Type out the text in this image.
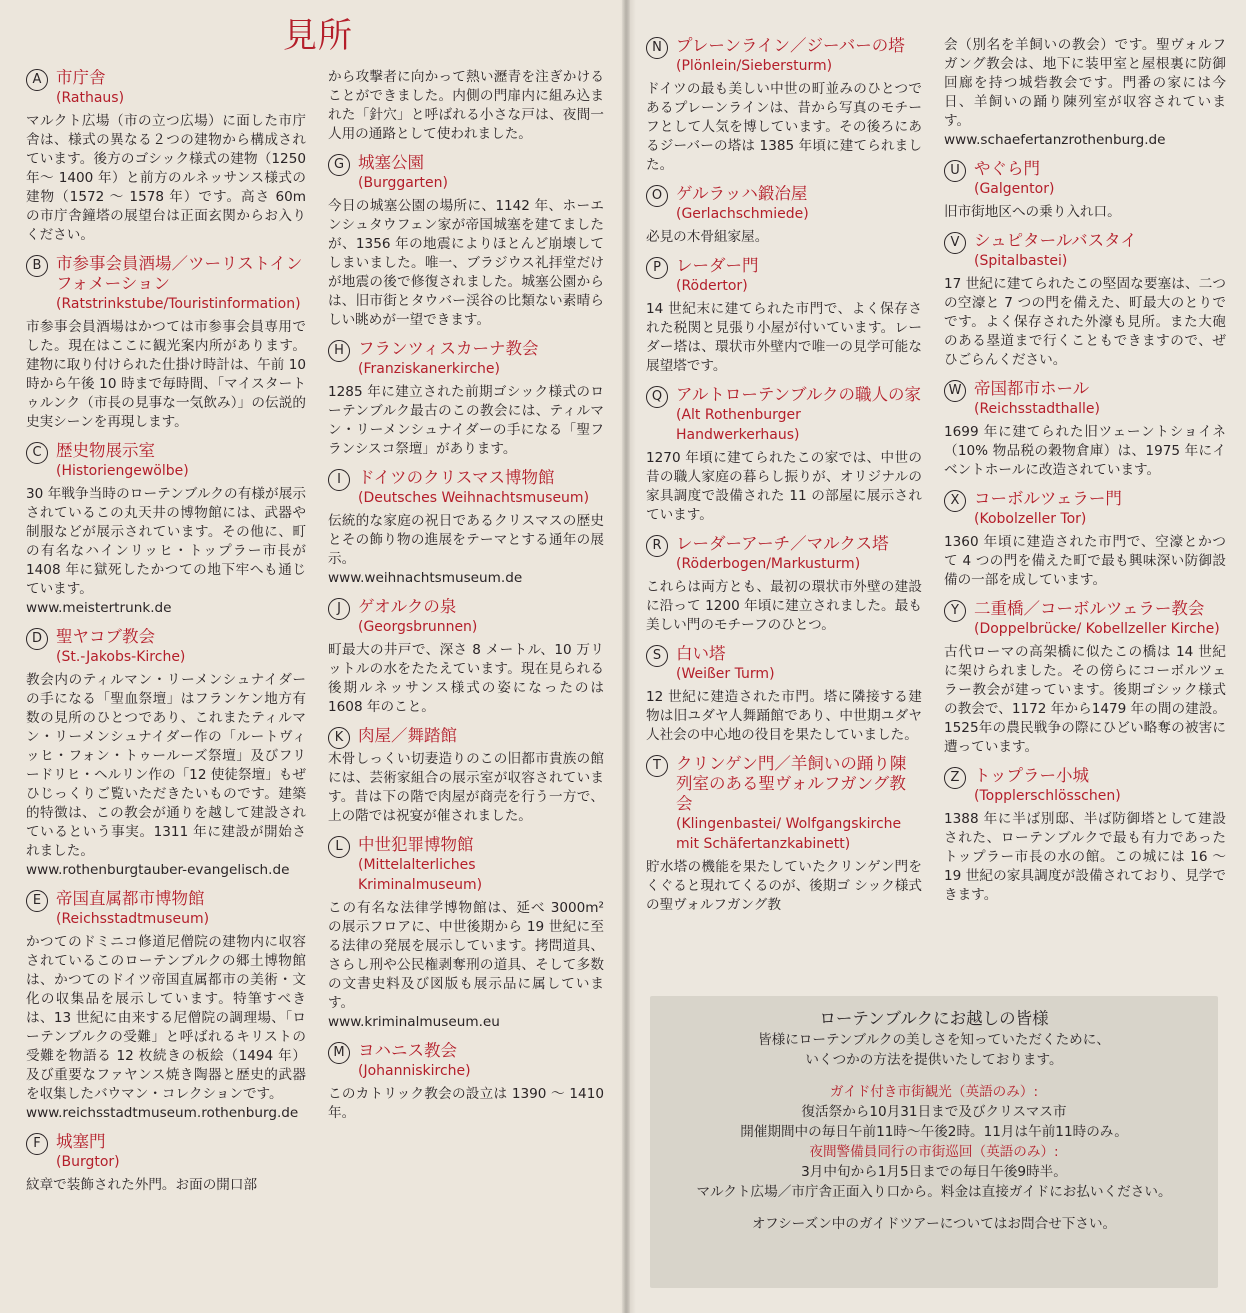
見所
A 市庁舎
(Rathaus)

マルクト広場（市の立つ広場）に面した市庁舎は、様式の異なる２つの建物から構成されています。後方のゴシック様式の建物（1250 年〜 1400 年）と前方のルネッサンス様式の建物（1572 〜 1578 年）です。高さ 60m の市庁舎鐘塔の展望台は正面玄関からお入りください。

B 市参事会員酒場／ツーリストインフォメーション
(Ratstrinkstube/Touristinformation)

市参事会員酒場はかつては市参事会員専用でした。現在はここに観光案内所があります。建物に取り付けられた仕掛け時計は、午前 10 時から午後 10 時まで毎時間、「マイスタートゥルンク（市長の見事な一気飲み）」の伝説的史実シーンを再現します。

C 歴史物展示室
(Historiengewölbe)

30 年戦争当時のローテンブルクの有様が展示されているこの丸天井の博物館には、武器や制服などが展示されています。その他に、町の有名なハインリッヒ・トップラー市長が 1408 年に獄死したかつての地下牢へも通じています。

www.meistertrunk.de

D 聖ヤコブ教会
(St.-Jakobs-Kirche)

教会内のティルマン・リーメンシュナイダーの手になる「聖血祭壇」はフランケン地方有数の見所のひとつであり、これまたティルマン・リーメンシュナイダー作の「ルートヴィッヒ・フォン・トゥールーズ祭壇」及びフリードリヒ・ヘルリン作の「12 使徒祭壇」もぜひじっくりご覧いただきたいものです。建築的特徴は、この教会が通りを越して建設されているという事実。1311 年に建設が開始されました。

www.rothenburgtauber-evangelisch.de

E 帝国直属都市博物館
(Reichsstadtmuseum)

かつてのドミニコ修道尼僧院の建物内に収容されているこのローテンブルクの郷土博物館は、かつてのドイツ帝国直属都市の美術・文化の収集品を展示しています。特筆すべきは、13 世紀に由来する尼僧院の調理場、「ローテンブルクの受難」と呼ばれるキリストの受難を物語る 12 枚続きの板絵（1494 年）及び重要なファヤンス焼き陶器と歴史的武器を収集したバウマン・コレクションです。

www.reichsstadtmuseum.rothenburg.de

F 城塞門
(Burgtor)

紋章で装飾された外門。お面の開口部

から攻撃者に向かって熱い瀝青を注ぎかけることができました。内側の門扉内に組み込まれた「針穴」と呼ばれる小さな戸は、夜間一人用の通路として使われました。

G 城塞公園
(Burggarten)

今日の城塞公園の場所に、1142 年、ホーエンシュタウフェン家が帝国城塞を建てましたが、1356 年の地震によりほとんど崩壊してしまいました。唯一、ブラジウス礼拝堂だけが地震の後で修復されました。城塞公園からは、旧市街とタウバー渓谷の比類ない素晴らしい眺めが一望できます。

H フランツィスカーナ教会
(Franziskanerkirche)

1285 年に建立された前期ゴシック様式のローテンブルク最古のこの教会には、ティルマン・リーメンシュナイダーの手になる「聖フランシスコ祭壇」があります。

I	ドイツのクリスマス博物館
(Deutsches Weihnachtsmuseum)

伝統的な家庭の祝日であるクリスマスの歴史とその飾り物の進展をテーマとする通年の展示。

www.weihnachtsmuseum.de

J	ゲオルクの泉
(Georgsbrunnen)

町最大の井戸で、深さ 8 メートル、10 万リットルの水をたたえています。現在見られる後期ルネッサンス様式の姿になったのは 1608 年のこと。

K 肉屋／舞踏館

木骨しっくい切妻造りのこの旧都市貴族の館には、芸術家組合の展示室が収容されています。昔は下の階で肉屋が商売を行う一方で、上の階では祝宴が催されました。

L 中世犯罪博物館
(Mittelalterliches Kriminalmuseum)

この有名な法律学博物館は、延べ 3000m² の展示フロアに、中世後期から 19 世紀に至る法律の発展を展示しています。拷問道具、さらし刑や公民権剥奪刑の道具、そして多数の文書史料及び図版も展示品に属しています。

www.kriminalmuseum.eu

M ヨハニス教会
(Johanniskirche)

このカトリック教会の設立は 1390 〜 1410 年。

N プレーンライン／ジーバーの塔
(Plönlein/Siebersturm)

ドイツの最も美しい中世の町並みのひとつであるプレーンラインは、昔から写真のモチーフとして人気を博しています。その後ろにあるジーバーの塔は 1385 年頃に建てられました。

O ゲルラッハ鍛冶屋
(Gerlachschmiede)

必見の木骨組家屋。

P レーダー門
(Rödertor)

14 世紀末に建てられた市門で、よく保存された税関と見張り小屋が付いています。レーダー塔は、環状市外壁内で唯一の見学可能な展望塔です。

Q アルトローテンブルクの職人の家
(Alt Rothenburger Handwerkerhaus)

1270 年頃に建てられたこの家では、中世の昔の職人家庭の暮らし振りが、オリジナルの家具調度で設備された 11 の部屋に展示されています。

R レーダーアーチ／マルクス塔
(Röderbogen/Markusturm)

これらは両方とも、最初の環状市外壁の建設に沿って 1200 年頃に建立されました。最も美しい門のモチーフのひとつ。

S 白い塔
(Weißer Turm)

12 世紀に建造された市門。塔に隣接する建物は旧ユダヤ人舞踊館であり、中世期ユダヤ人社会の中心地の役目を果たしていました。

T クリンゲン門／羊飼いの踊り陳列室のある聖ヴォルフガング教会
(Klingenbastei/ Wolfgangskirche mit Schäfertanzkabinett)

貯水塔の機能を果たしていたクリンゲン門をくぐると現れてくるのが、後期ゴ シック様式の聖ヴォルフガング教

会（別名を羊飼いの教会）です。聖ヴォルフガング教会は、地下に装甲室と屋根裏に防御回廊を持つ城砦教会です。門番の家には今日、羊飼いの踊り陳列室が収容されています。

www.schaefertanzrothenburg.de

U やぐら門
(Galgentor)

旧市街地区への乗り入れ口。

V シュピタールバスタイ
(Spitalbastei)

17 世紀に建てられたこの堅固な要塞は、二つの空濠と 7 つの門を備えた、町最大のとりでです。よく保存された外濠も見所。また大砲のある塁道まで行くこともできますので、ぜひごらんください。

W 帝国都市ホール
(Reichsstadthalle)

1699 年に建てられた旧ツェーントショイネ（10% 物品税の穀物倉庫）は、1975 年にイベントホールに改造されています。

X コーボルツェラー門
(Kobolzeller Tor)

1360 年頃に建造された市門で、空濠とかつて 4 つの門を備えた町で最も興味深い防御設備の一部を成しています。

Y 二重橋／コーボルツェラー教会
(Doppelbrücke/ Kobellzeller Kirche)

古代ローマの高架橋に似たこの橋は 14 世紀に架けられました。その傍らにコーボルツェラー教会が建っています。後期ゴシック様式の教会で、1172 年から1479 年の間の建設。1525年の農民戦争の際にひどい略奪の被害に遭っています。

Z トップラー小城
(Topplerschlösschen)

1388 年に半ば別邸、半ば防御塔として建設された、ローテンブルクで最も有力であったトップラー市長の水の館。この城には 16 〜 19 世紀の家具調度が設備されており、見学できます。

ローテンブルクにお越しの皆様

皆様にローテンブルクの美しさを知っていただくために、

いくつかの方法を提供いたしております。

ガイド付き市街観光（英語のみ）:

復活祭から10月31日まで及びクリスマス市

開催期間中の毎日午前11時〜午後2時。11月は午前11時のみ。

夜間警備員同行の市街巡回（英語のみ）:

3月中旬から1月5日までの毎日午後9時半。

マルクト広場／市庁舎正面入り口から。料金は直接ガイドにお払いください。

オフシーズン中のガイドツアーについてはお問合せ下さい。
